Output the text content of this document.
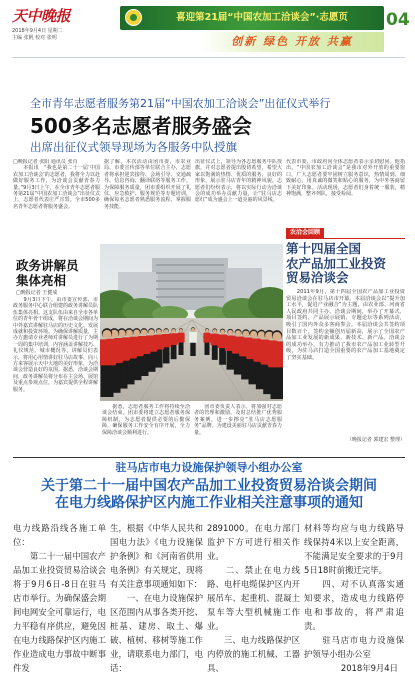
天中晚报
2018年9月4日 星期二
主编 张帆 校对 张明
喜迎第21届“中国农加工洽谈会”·志愿页
创新 绿色 开放 共赢
04
全市青年志愿者服务第21届“中国农加工洽谈会”出征仪式举行
500多名志愿者服务盛会
出席出征仪式领导现场为各服务中队授旗

□晚报记者 张阳 通讯员 张肖

　　本报讯　“我也是第二十一届‘中国农加工洽谈会’的志愿者，我将全力以赴做好服务工作，为洽谈会贡献青春力量。”9月3日上午，在全市青年志愿者服务第21届“中国农加工洽谈会”出征仪式上，志愿者代表庄严宣誓。全市500多名青年志愿者将服务盛会。

据了解，本次活动由团市委、市农业局、市委宣传部等单位联合主办，志愿者将承担迎宾接待、会场引导、交通疏导、信息咨询、翻译联络等服务工作。为保障服务质量，团市委组织开展了礼仪、应急救护、服务规范等专题培训，确保每名志愿者熟悉服务流程、掌握服务技能。

出征仪式上，领导为各志愿服务中队授旗，并对志愿者提出殷切希望，希望大家以饱满的热情、优质的服务、良好的形象，展示驻马店青年的精神风貌。志愿者们纷纷表示，将以实际行动为洽谈会的成功举办贡献力量，让“驻马店志愿红”成为盛会上一道亮丽的风景线。

代表市委、市政府向全体志愿者表示亲切慰问。他指出，“中国农加工洽谈会”是我市对外开放的重要窗口，广大志愿者要牢固树立服务意识，热情周到、细致耐心，用真诚的微笑和贴心的服务，为中外客商留下美好印象。活动现场，志愿者们身着统一服装，精神饱满，整齐列队，接受检阅。

政务讲解员集体亮相
□晚报记者 王健成

　　9月3日下午，由市委宣传部、市政务服务中心联合组建的政务讲解员队伍集体亮相。这支队伍由来自全市各单位的青年骨干组成，将在洽谈会期间为中外嘉宾讲解驻马店的历史文化、发展成就和投资环境。为确保讲解质量，主办方邀请专业老师对讲解员进行了为期一周的集中培训，内容涵盖讲解技巧、礼仪规范、城市概况等。讲解员们表示，将用心用情讲好驻马店故事，向八方来客展示天中大地的美好形象，为洽谈会营造良好的氛围。据悉，洽谈会期间，政务讲解员将分布在主会场、展馆及重点参观点位，为嘉宾提供全程讲解服务。

　　据悉，志愿者服务工作将持续至洽谈会结束。团市委将建立志愿者服务保障机制，为志愿者提供必要的后勤保障，确保服务工作安全有序开展，全力保障洽谈会顺利进行。

　　团市委负责人表示，将加强对志愿者的管理和激励，及时总结推广优秀服务案例，进一步擦亮“驻马店志愿服务”品牌，为建设美丽驻马店贡献青春力量。

农洽会回顾
第十四届全国
农产品加工业投资
贸易洽谈会

　　2011年9月，第十四届全国农产品加工业投资贸易洽谈会在驻马店市开幕。本届洽谈会以“提升加工水平，促进产业融合”为主题，由农业部、河南省人民政府共同主办。洽谈会期间，举办了开幕式、项目签约、产品展示展销、专题论坛等系列活动，吸引了国内外众多客商参会。本届洽谈会共签约项目数百个，签约金额创历届新高，展示了全国农产品加工业发展的新成果、新技术、新产品。洽谈会的成功举办，有力推动了我市农产品加工业转型升级，为驻马店打造全国重要的农产品加工基地奠定了坚实基础。

（晚报记者 郭建宏 整理）
驻马店市电力设施保护领导小组办公室
关于第二十一届中国农产品加工业投资贸易洽谈会期间
在电力线路保护区内施工作业相关注意事项的通知

电力线路沿线各施工单位：

　　第二十一届中国农产品加工业投资贸易洽谈会将于9月6日-8日在驻马店市举行。为确保盛会期间电网安全可靠运行，电力平稳有序供应，避免因在电力线路保护区内施工作业造成电力事故中断事件发

生，根据《中华人民共和国电力法》《电力设施保护条例》和《河南省供用电条例》有关规定，现将有关注意事项通知如下：

　　一、在电力设施保护区范围内从事各类开挖、桩基、建房、取土、爆破、植树、移树等施工作业，请联系电力部门，电话：

2891000。在电力部门监护下方可进行相关作业。

　　二、禁止在电力线路、电杆电缆保护区内开展吊车、起重机、混凝土泵车等大型机械施工作业。

　　三、电力线路保护区内停放的施工机械、工器具、

材料等均应与电力线路导线保持4米以上安全距离，不能满足安全要求的于9月5日18时前搬迁完毕。

　　四、对不认真落实通知要求，造成电力线路停电和事故的，将严肃追责。

　　驻马店市电力设施保护领导小组办公室

2018年9月4日
